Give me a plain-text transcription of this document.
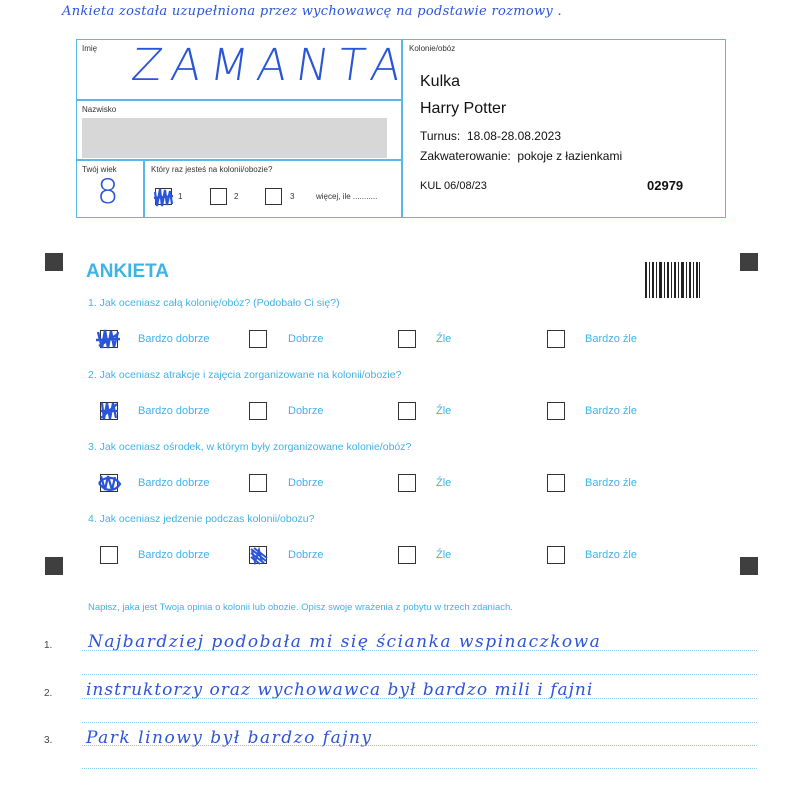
Ankieta została uzupełniona przez wychowawcę na podstawie rozmowy .
Imię ZAMANTA
Nazwisko
Twój wiek
8
Który raz jesteś na kolonii/obozie?
1	2	3	więcej, ile ...........
Kolonie/obóz
Kulka
Harry Potter
Turnus: 18.08-28.08.2023
Zakwaterowanie: pokoje z łazienkami
KUL 06/08/23	02979
ANKIETA
1. Jak oceniasz całą kolonię/obóz? (Podobało Ci się?)
Bardzo dobrze	Dobrze	Źle	Bardzo źle
2. Jak oceniasz atrakcje i zajęcia zorganizowane na kolonii/obozie?
Bardzo dobrze	Dobrze	Źle	Bardzo źle
3. Jak oceniasz ośrodek, w którym były zorganizowane kolonie/obóz?
Bardzo dobrze	Dobrze	Źle	Bardzo źle
4. Jak oceniasz jedzenie podczas kolonii/obozu?
Bardzo dobrze	Dobrze	Źle	Bardzo źle
Napisz, jaka jest Twoja opinia o kolonii lub obozie. Opisz swoje wrażenia z pobytu w trzech zdaniach.
1. Najbardziej podobała mi się ścianka wspinaczkowa
2. instruktorzy oraz wychowawca był bardzo mili i fajni
3. Park linowy był bardzo fajny
